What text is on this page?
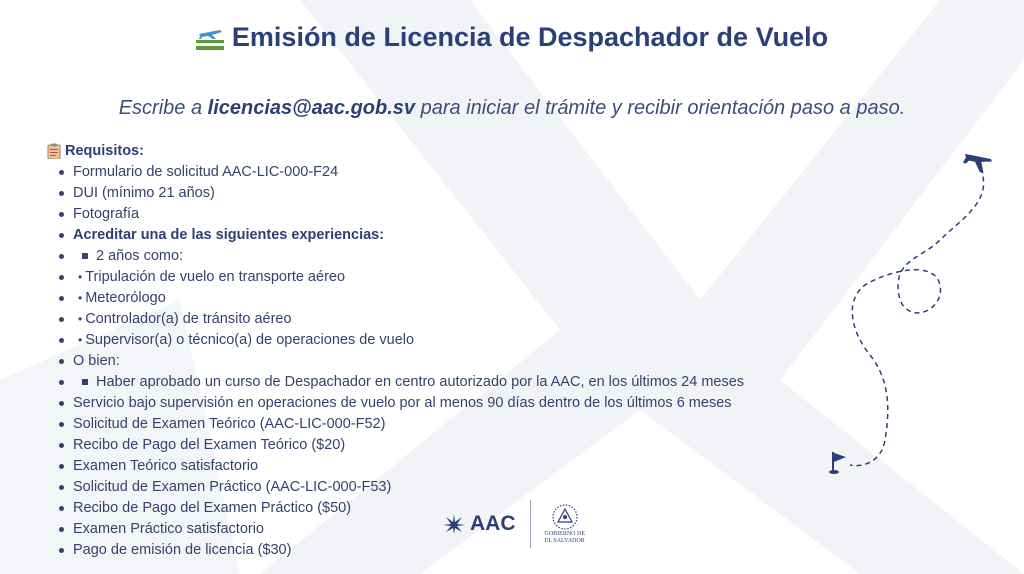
Emisión de Licencia de Despachador de Vuelo
Escribe a licencias@aac.gob.sv para iniciar el trámite y recibir orientación paso a paso.
Requisitos:
Formulario de solicitud AAC-LIC-000-F24
DUI (mínimo 21 años)
Fotografía
Acreditar una de las siguientes experiencias:
2 años como:
• Tripulación de vuelo en transporte aéreo
• Meteorólogo
• Controlador(a) de tránsito aéreo
• Supervisor(a) o técnico(a) de operaciones de vuelo
O bien:
Haber aprobado un curso de Despachador en centro autorizado por la AAC, en los últimos 24 meses
Servicio bajo supervisión en operaciones de vuelo por al menos 90 días dentro de los últimos 6 meses
Solicitud de Examen Teórico (AAC-LIC-000-F52)
Recibo de Pago del Examen Teórico ($20)
Examen Teórico satisfactorio
Solicitud de Examen Práctico (AAC-LIC-000-F53)
Recibo de Pago del Examen Práctico ($50)
Examen Práctico satisfactorio
Pago de emisión de licencia ($30)
AAC	GOBIERNO DE
EL SALVADOR
